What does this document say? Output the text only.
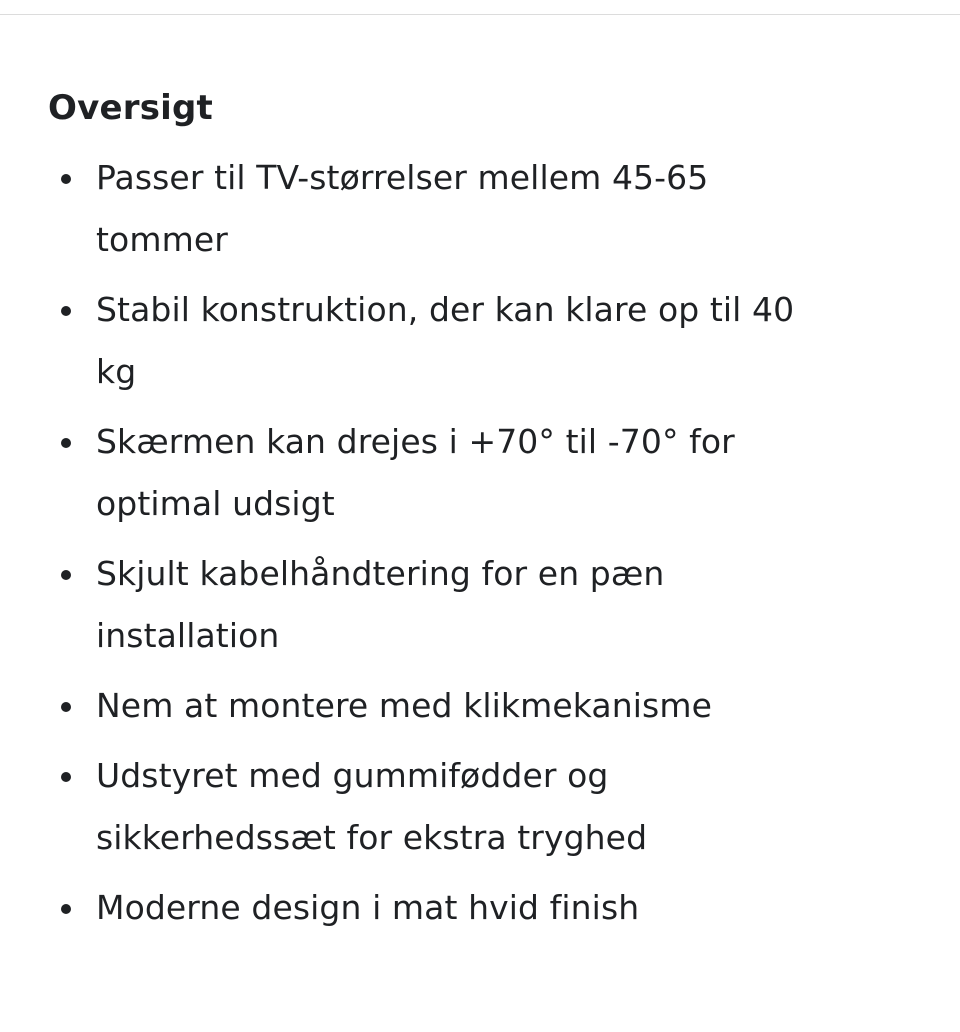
Oversigt
Passer til TV-størrelser mellem 45-65 tommer
Stabil konstruktion, der kan klare op til 40 kg
Skærmen kan drejes i +70° til -70° for optimal udsigt
Skjult kabelhåndtering for en pæn installation
Nem at montere med klikmekanisme
Udstyret med gummifødder og sikkerhedssæt for ekstra tryghed
Moderne design i mat hvid finish
